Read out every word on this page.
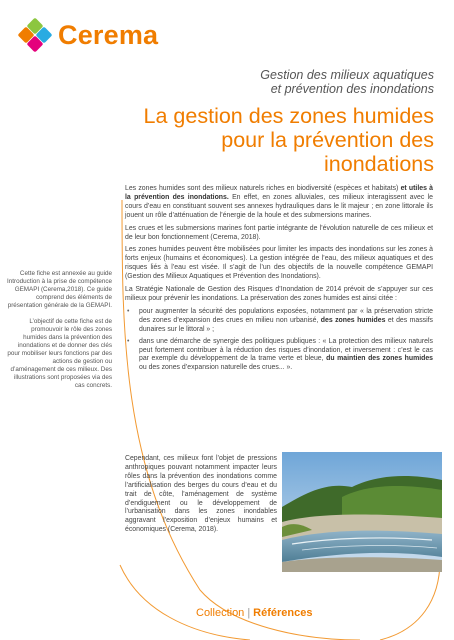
Cerema
Gestion des milieux aquatiques
et prévention des inondations
La gestion des zones humides
pour la prévention des inondations

Cette fiche est annexée au guide Introduction à la prise de compétence GEMAPI (Cerema,2018). Ce guide comprend des éléments de présentation générale de la GEMAPI.

L’objectif de cette fiche est de promouvoir le rôle des zones humides dans la prévention des inondations et de donner des clés pour mobiliser leurs fonctions par des actions de gestion ou d’aménagement de ces milieux. Des illustrations sont proposées via des cas concrets.

Les zones humides sont des milieux naturels riches en biodiversité (espèces et habitats) et utiles à la prévention des inondations. En effet, en zones alluviales, ces milieux interagissent avec le cours d’eau en constituant souvent ses annexes hydrauliques dans le lit majeur ; en zone littorale ils jouent un rôle d’atténuation de l’énergie de la houle et des submersions marines.

Les crues et les submersions marines font partie intégrante de l’évolution naturelle de ces milieux et de leur bon fonctionnement (Cerema, 2018).

Les zones humides peuvent être mobilisées pour limiter les impacts des inondations sur les zones à forts enjeux (humains et économiques). La gestion intégrée de l’eau, des milieux aquatiques et des risques liés à l’eau est visée. Il s’agit de l’un des objectifs de la nouvelle compétence GEMAPI (Gestion des Milieux Aquatiques et Prévention des Inondations).

La Stratégie Nationale de Gestion des Risques d’Inondation de 2014 prévoit de s’appuyer sur ces milieux pour prévenir les inondations. La préservation des zones humides est ainsi citée :

• pour augmenter la sécurité des populations exposées, notamment par « la préservation stricte des zones d’expansion des crues en milieu non urbanisé, des zones humides et des massifs dunaires sur le littoral » ;
• dans une démarche de synergie des politiques publiques : « La protection des milieux naturels peut fortement contribuer à la réduction des risques d’inondation, et inversement : c’est le cas par exemple du développement de la trame verte et bleue, du maintien des zones humides ou des zones d’expansion naturelle des crues... ».

Cependant, ces milieux font l’objet de pressions anthropiques pouvant notamment impacter leurs rôles dans la prévention des inondations comme l’artificialisation des berges du cours d’eau et du trait de côte, l’aménagement de système d’endiguement ou le développement de l’urbanisation dans les zones inondables aggravant l’exposition d’enjeux humains et économiques (Cerema, 2018).

Collection | Références
